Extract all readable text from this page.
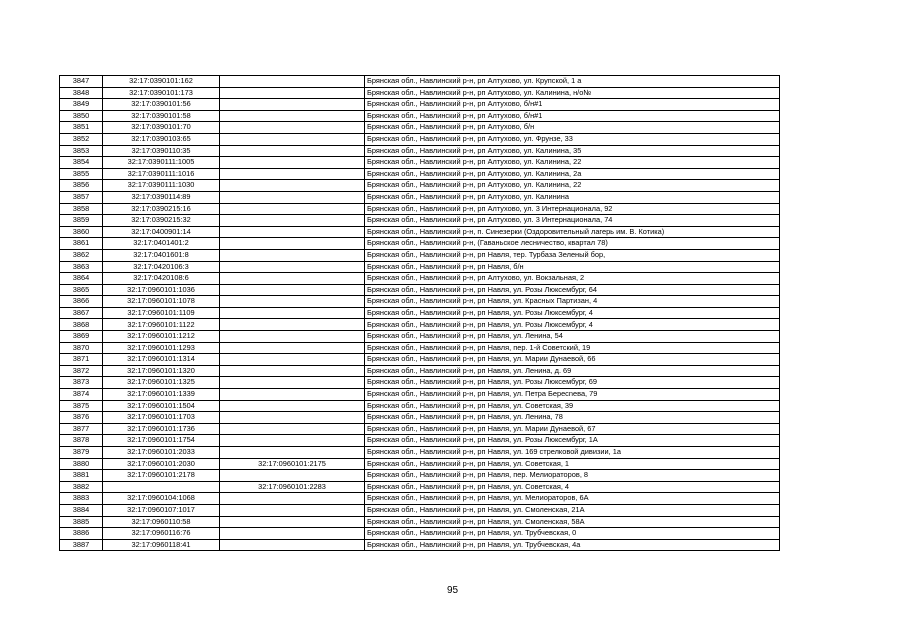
3847	32:17:0390101:162		Брянская обл., Навлинский р-н, рп Алтухово, ул. Крупской, 1 а
3848	32:17:0390101:173		Брянская обл., Навлинский р-н, рп Алтухово, ул. Калинина, н/о№
3849	32:17:0390101:56		Брянская обл., Навлинский р-н, рп Алтухово, б/н#1
3850	32:17:0390101:58		Брянская обл., Навлинский р-н, рп Алтухово, б/н#1
3851	32:17:0390101:70		Брянская обл., Навлинский р-н, рп Алтухово, б/н
3852	32:17:0390103:65		Брянская обл., Навлинский р-н, рп Алтухово, ул. Фрунзе, 33
3853	32:17:0390110:35		Брянская обл., Навлинский р-н, рп Алтухово, ул. Калинина, 35
3854	32:17:0390111:1005		Брянская обл., Навлинский р-н, рп Алтухово, ул. Калинина, 22
3855	32:17:0390111:1016		Брянская обл., Навлинский р-н, рп Алтухово, ул. Калинина, 2а
3856	32:17:0390111:1030		Брянская обл., Навлинский р-н, рп Алтухово, ул. Калинина, 22
3857	32:17:0390114:89		Брянская обл., Навлинский р-н, рп Алтухово, ул. Калинина
3858	32:17:0390215:16		Брянская обл., Навлинский р-н, рп Алтухово, ул. 3 Интернационала, 92
3859	32:17:0390215:32		Брянская обл., Навлинский р-н, рп Алтухово, ул. 3 Интернационала, 74
3860	32:17:0400901:14		Брянская обл., Навлинский р-н, п. Синезерки (Оздоровительный лагерь им. В. Котика)
3861	32:17:0401401:2		Брянская обл., Навлинский р-н, (Гаваньское лесничество, квартал 78)
3862	32:17:0401601:8		Брянская обл., Навлинский р-н, рп Навля, тер. Турбаза Зеленый бор,
3863	32:17:0420106:3		Брянская обл., Навлинский р-н, рп Навля, б/н
3864	32:17:0420108:6		Брянская обл., Навлинский р-н, рп Алтухово, ул. Вокзальная, 2
3865	32:17:0960101:1036		Брянская обл., Навлинский р-н, рп Навля, ул. Розы Люксембург, 64
3866	32:17:0960101:1078		Брянская обл., Навлинский р-н, рп Навля, ул. Красных Партизан, 4
3867	32:17:0960101:1109		Брянская обл., Навлинский р-н, рп Навля, ул. Розы Люксембург, 4
3868	32:17:0960101:1122		Брянская обл., Навлинский р-н, рп Навля, ул. Розы Люксембург, 4
3869	32:17:0960101:1212		Брянская обл., Навлинский р-н, рп Навля, ул. Ленина, 54
3870	32:17:0960101:1293		Брянская обл., Навлинский р-н, рп Навля, пер. 1-й Советский, 19
3871	32:17:0960101:1314		Брянская обл., Навлинский р-н, рп Навля, ул. Марии Дунаевой, 66
3872	32:17:0960101:1320		Брянская обл., Навлинский р-н, рп Навля, ул. Ленина, д. 69
3873	32:17:0960101:1325		Брянская обл., Навлинский р-н, рп Навля, ул. Розы Люксембург, 69
3874	32:17:0960101:1339		Брянская обл., Навлинский р-н, рп Навля, ул. Петра Бересnева, 79
3875	32:17:0960101:1504		Брянская обл., Навлинский р-н, рп Навля, ул. Советская, 39
3876	32:17:0960101:1703		Брянская обл., Навлинский р-н, рп Навля, ул. Ленина, 78
3877	32:17:0960101:1736		Брянская обл., Навлинский р-н, рп Навля, ул. Марии Дунаевой, 67
3878	32:17:0960101:1754		Брянская обл., Навлинский р-н, рп Навля, ул. Розы Люксембург, 1А
3879	32:17:0960101:2033		Брянская обл., Навлинский р-н, рп Навля, ул. 169 стрелковой дивизии, 1а
3880	32:17:0960101:2030	32:17:0960101:2175	Брянская обл., Навлинский р-н, рп Навля, ул. Советская, 1
3881	32:17:0960101:2178		Брянская обл., Навлинский р-н, рп Навля, пер. Мелиораторов, 8
3882		32:17:0960101:2283	Брянская обл., Навлинский р-н, рп Навля, ул. Советская, 4
3883	32:17:0960104:1068		Брянская обл., Навлинский р-н, рп Навля, ул. Мелиораторов, 6А
3884	32:17:0960107:1017		Брянская обл., Навлинский р-н, рп Навля, ул. Смоленская, 21А
3885	32:17:0960110:58		Брянская обл., Навлинский р-н, рп Навля, ул. Смоленская, 58А
3886	32:17:0960116:76		Брянская обл., Навлинский р-н, рп Навля, ул. Трубчевская, 0
3887	32:17:0960118:41		Брянская обл., Навлинский р-н, рп Навля, ул. Трубчевская, 4а
95
